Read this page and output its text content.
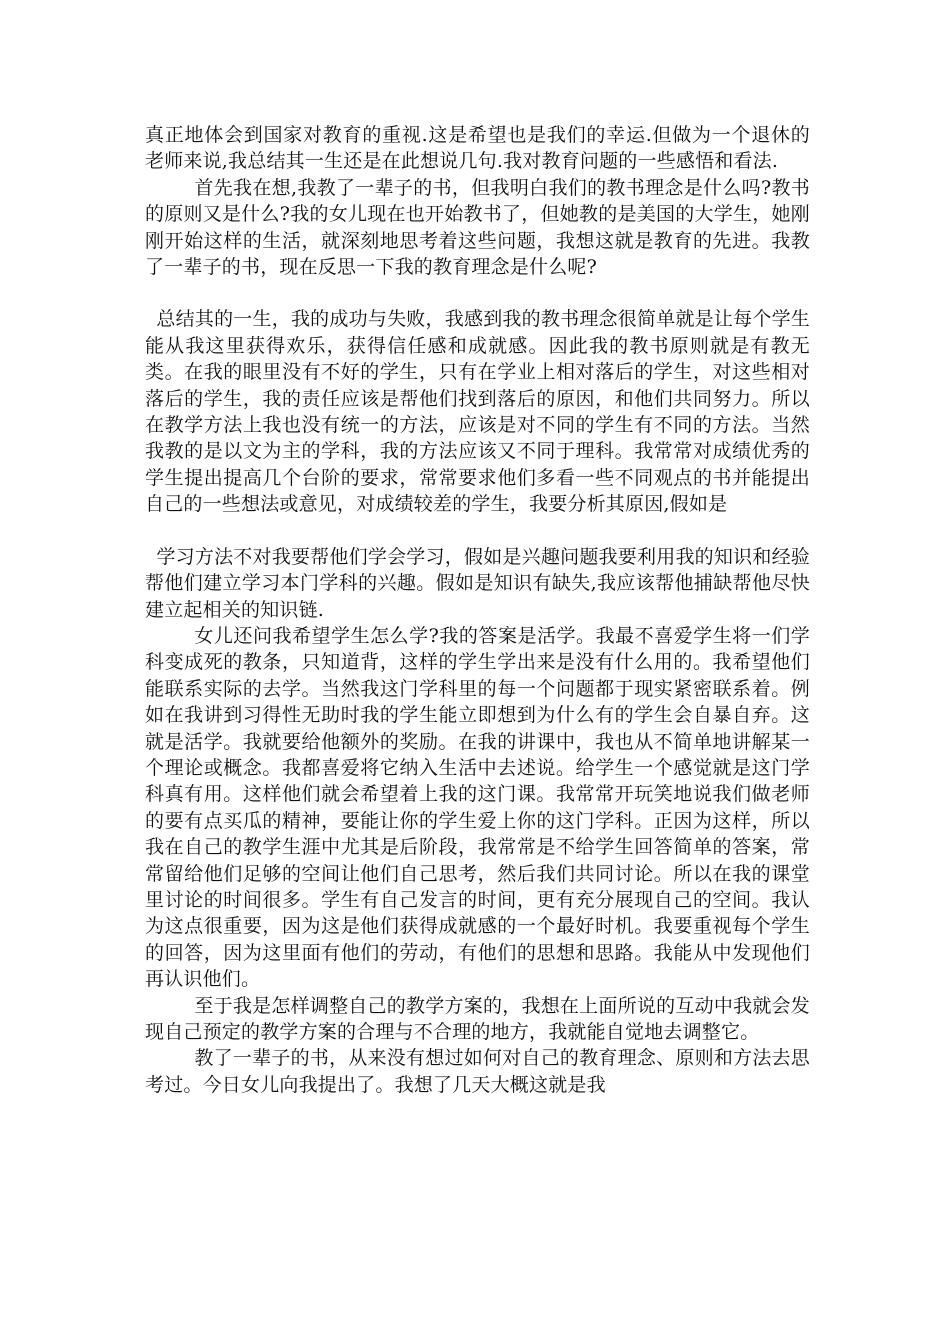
真正地体会到国家对教育的重视.这是希望也是我们的幸运.但做为一个退休的老师来说,我总结其一生还是在此想说几句.我对教育问题的一些感悟和看法.

首先我在想,我教了一辈子的书，但我明白我们的教书理念是什么吗?教书的原则又是什么?我的女儿现在也开始教书了，但她教的是美国的大学生，她刚刚开始这样的生活，就深刻地思考着这些问题，我想这就是教育的先进。我教了一辈子的书，现在反思一下我的教育理念是什么呢?

总结其的一生，我的成功与失败，我感到我的教书理念很简单就是让每个学生能从我这里获得欢乐，获得信任感和成就感。因此我的教书原则就是有教无类。在我的眼里没有不好的学生，只有在学业上相对落后的学生，对这些相对落后的学生，我的责任应该是帮他们找到落后的原因，和他们共同努力。所以在教学方法上我也没有统一的方法，应该是对不同的学生有不同的方法。当然我教的是以文为主的学科，我的方法应该又不同于理科。我常常对成绩优秀的学生提出提高几个台阶的要求，常常要求他们多看一些不同观点的书并能提出自己的一些想法或意见，对成绩较差的学生，我要分析其原因,假如是

学习方法不对我要帮他们学会学习，假如是兴趣问题我要利用我的知识和经验帮他们建立学习本门学科的兴趣。假如是知识有缺失,我应该帮他捕缺帮他尽快建立起相关的知识链.

女儿还问我希望学生怎么学?我的答案是活学。我最不喜爱学生将一们学科变成死的教条，只知道背，这样的学生学出来是没有什么用的。我希望他们能联系实际的去学。当然我这门学科里的每一个问题都于现实紧密联系着。例如在我讲到习得性无助时我的学生能立即想到为什么有的学生会自暴自弃。这就是活学。我就要给他额外的奖励。在我的讲课中，我也从不简单地讲解某一个理论或概念。我都喜爱将它纳入生活中去述说。给学生一个感觉就是这门学科真有用。这样他们就会希望着上我的这门课。我常常开玩笑地说我们做老师的要有点买瓜的精神，要能让你的学生爱上你的这门学科。正因为这样，所以我在自己的教学生涯中尤其是后阶段，我常常是不给学生回答简单的答案，常常留给他们足够的空间让他们自己思考，然后我们共同讨论。所以在我的课堂里讨论的时间很多。学生有自己发言的时间，更有充分展现自己的空间。我认为这点很重要，因为这是他们获得成就感的一个最好时机。我要重视每个学生的回答，因为这里面有他们的劳动，有他们的思想和思路。我能从中发现他们再认识他们。

至于我是怎样调整自己的教学方案的，我想在上面所说的互动中我就会发现自己预定的教学方案的合理与不合理的地方，我就能自觉地去调整它。

教了一辈子的书，从来没有想过如何对自己的教育理念、原则和方法去思考过。今日女儿向我提出了。我想了几天大概这就是我
